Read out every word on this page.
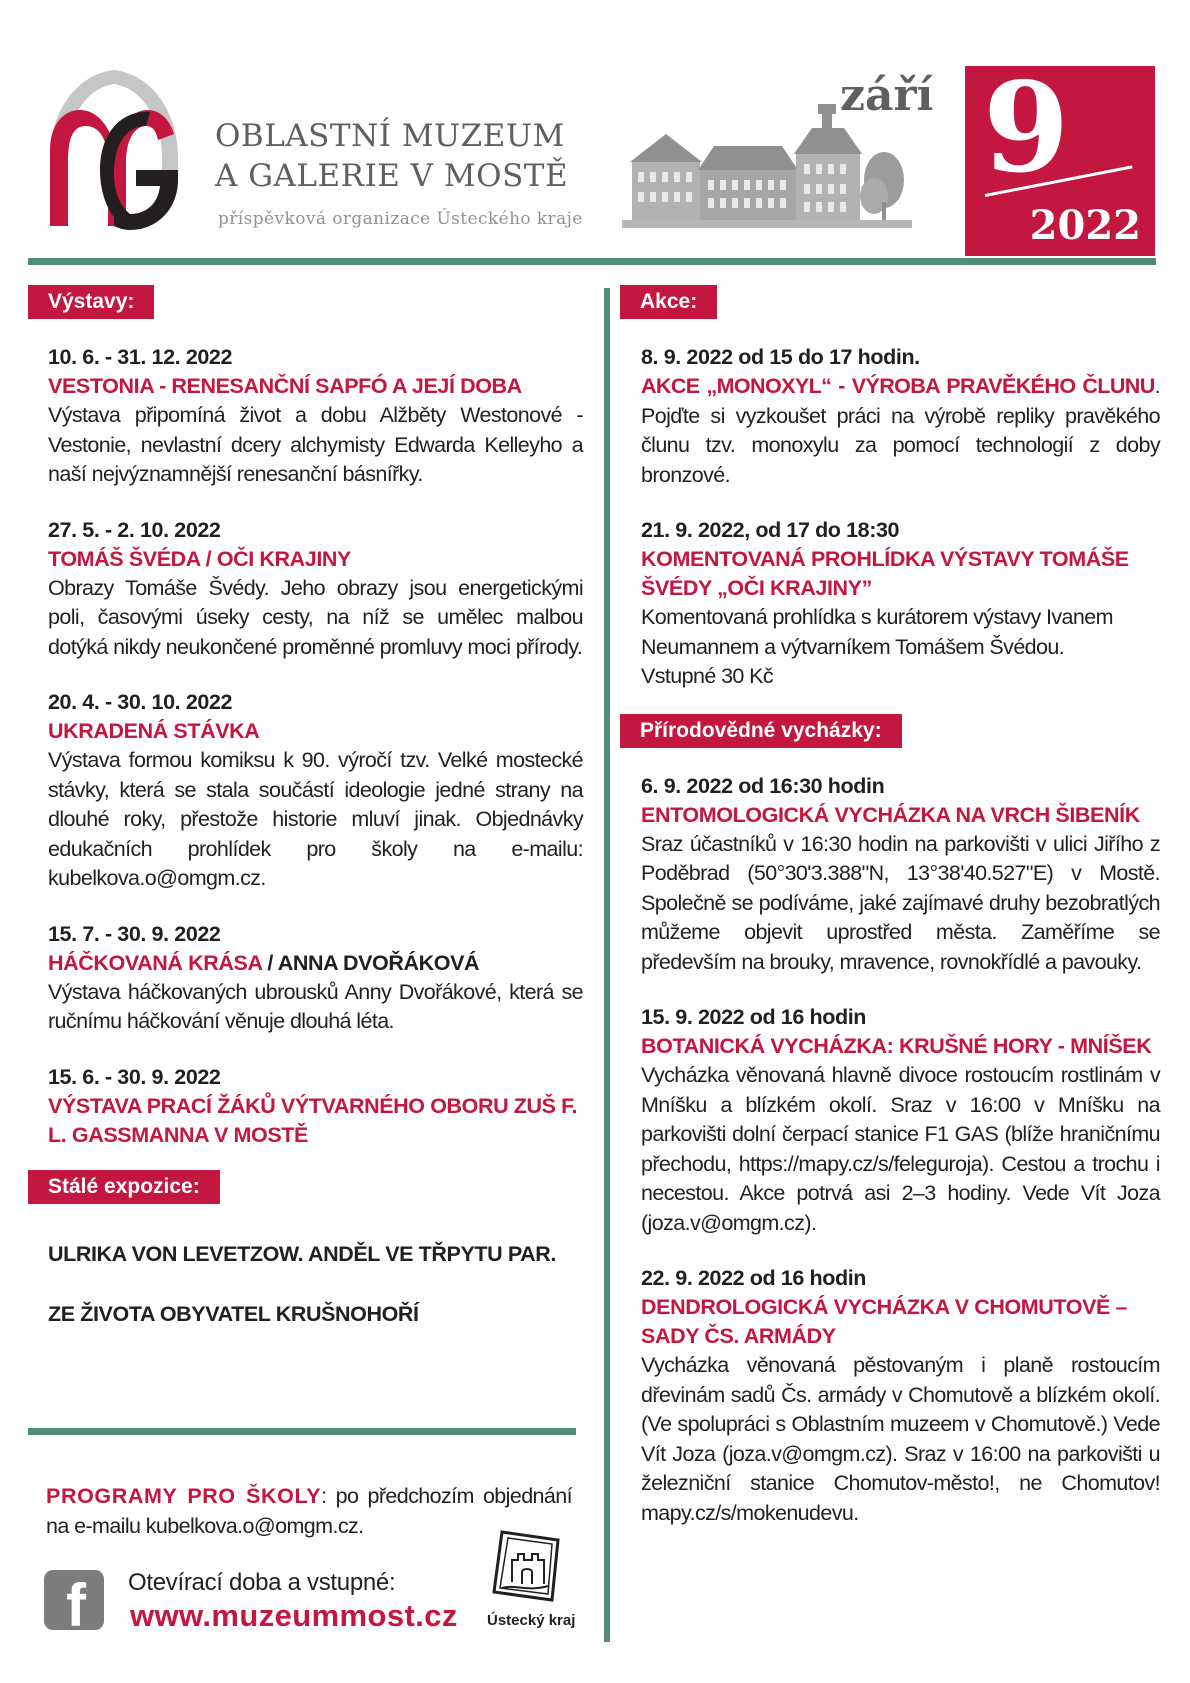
OBLASTNÍ MUZEUM
A GALERIE V MOSTĚ
příspěvková organizace Ústeckého kraje
září 9
2022
Výstavy:
10. 6. - 31. 12. 2022
VESTONIA - RENESANČNÍ SAPFÓ A JEJÍ DOBA
Výstava připomíná život a dobu Alžběty Westonové - Vestonie, nevlastní dcery alchymisty Edwarda Kelleyho a naší nejvýznamnější renesanční básnířky.
27. 5. - 2. 10. 2022
TOMÁŠ ŠVÉDA / OČI KRAJINY
Obrazy Tomáše Švédy. Jeho obrazy jsou energetickými poli, časovými úseky cesty, na níž se umělec malbou dotýká nikdy neukončené proměnné promluvy moci přírody.
20. 4. - 30. 10. 2022
UKRADENÁ STÁVKA
Výstava formou komiksu k 90. výročí tzv. Velké mostecké stávky, která se stala součástí ideologie jedné strany na dlouhé roky, přestože historie mluví jinak. Objednávky edukačních prohlídek pro školy na e-mailu: kubelkova.o@omgm.cz.
15. 7. - 30. 9. 2022
HÁČKOVANÁ KRÁSA / ANNA DVOŘÁKOVÁ
Výstava háčkovaných ubrousků Anny Dvořákové, která se ručnímu háčkování věnuje dlouhá léta.
15. 6. - 30. 9. 2022
VÝSTAVA PRACÍ ŽÁKŮ VÝTVARNÉHO OBORU ZUŠ F. L. GASSMANNA V MOSTĚ
Stálé expozice:
ULRIKA VON LEVETZOW. ANDĚL VE TŘPYTU PAR.
ZE ŽIVOTA OBYVATEL KRUŠNOHOŘÍ
PROGRAMY PRO ŠKOLY: po předchozím objednání na e-mailu kubelkova.o@omgm.cz.
f Otevírací doba a vstupné:
www.muzeummost.cz Ústecký kraj
Akce:
8. 9. 2022 od 15 do 17 hodin.
AKCE „MONOXYL“ - VÝROBA PRAVĚKÉHO ČLUNU. Pojďte si vyzkoušet práci na výrobě repliky pravěkého člunu tzv. monoxylu za pomocí technologií z doby bronzové.
21. 9. 2022, od 17 do 18:30
KOMENTOVANÁ PROHLÍDKA VÝSTAVY TOMÁŠE ŠVÉDY „OČI KRAJINY”
Komentovaná prohlídka s kurátorem výstavy Ivanem Neumannem a výtvarníkem Tomášem Švédou.
Vstupné 30 Kč
Přírodovědné vycházky:
6. 9. 2022 od 16:30 hodin
ENTOMOLOGICKÁ VYCHÁZKA NA VRCH ŠIBENÍK
Sraz účastníků v 16:30 hodin na parkovišti v ulici Jiřího z Poděbrad (50°30'3.388"N, 13°38'40.527"E) v Mostě. Společně se podíváme, jaké zajímavé druhy bezobratlých můžeme objevit uprostřed města. Zaměříme se především na brouky, mravence, rovnokřídlé a pavouky.
15. 9. 2022 od 16 hodin
BOTANICKÁ VYCHÁZKA: KRUŠNÉ HORY - MNÍŠEK
Vycházka věnovaná hlavně divoce rostoucím rostlinám v Mníšku a blízkém okolí. Sraz v 16:00 v Mníšku na parkovišti dolní čerpací stanice F1 GAS (blíže hraničnímu přechodu, https://mapy.cz/s/feleguroja). Cestou a trochu i necestou. Akce potrvá asi 2–3 hodiny. Vede Vít Joza (joza.v@omgm.cz).
22. 9. 2022 od 16 hodin
DENDROLOGICKÁ VYCHÁZKA V CHOMUTOVĚ – SADY ČS. ARMÁDY
Vycházka věnovaná pěstovaným i planě rostoucím dřevinám sadů Čs. armády v Chomutově a blízkém okolí. (Ve spolupráci s Oblastním muzeem v Chomutově.) Vede Vít Joza (joza.v@omgm.cz). Sraz v 16:00 na parkovišti u železniční stanice Chomutov-město!, ne Chomutov! mapy.cz/s/mokenudevu.
